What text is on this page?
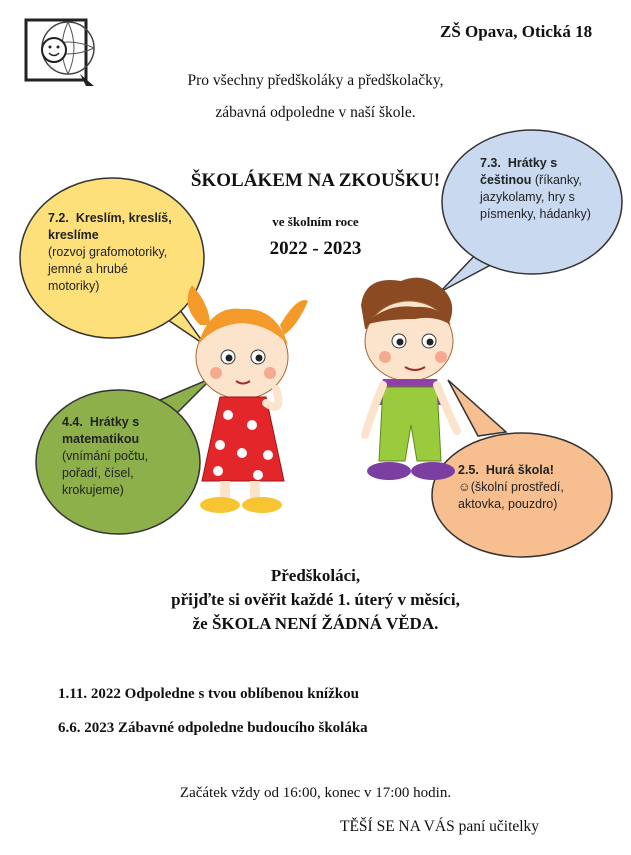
ZŠ Opava, Otická 18
Pro všechny předškoláky a předškolačky,
zábavná odpoledne v naší škole.
ŠKOLÁKEM NA ZKOUŠKU!
ve školním roce
2022 - 2023
7.2. Kreslím, kreslíš, kreslíme
(rozvoj grafomotoriky, jemné a hrubé motoriky)
7.3. Hrátky s češtinou (říkanky, jazykolamy, hry s písmenky, hádanky)
4.4. Hrátky s matematikou
(vnímání počtu, pořadí, čísel, krokujeme)
2.5. Hurá škola!
☺(školní prostředí, aktovka, pouzdro)
Předškoláci,
přijďte si ověřit každé 1. úterý v měsíci,
že ŠKOLA NENÍ ŽÁDNÁ VĚDA.
1.11. 2022 Odpoledne s tvou oblíbenou knížkou
6.6. 2023 Zábavné odpoledne budoucího školáka
Začátek vždy od 16:00, konec v 17:00 hodin.
TĚŠÍ SE NA VÁS paní učitelky
